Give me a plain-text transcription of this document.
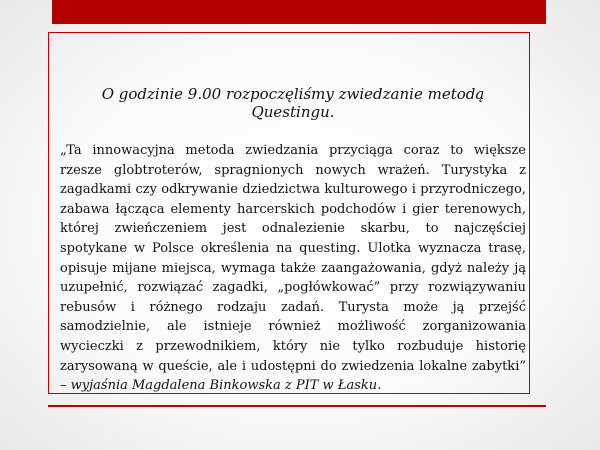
O godzinie 9.00 rozpoczęliśmy zwiedzanie metodą Questingu.
„Ta innowacyjna metoda zwiedzania przyciąga coraz to większe rzesze globtroterów, spragnionych nowych wrażeń. Turystyka z zagadkami czy odkrywanie dziedzictwa kulturowego i przyrodniczego, zabawa łącząca elementy harcerskich podchodów i gier terenowych, której zwieńczeniem jest odnalezienie skarbu, to najczęściej spotykane w Polsce określenia na questing. Ulotka wyznacza trasę, opisuje mijane miejsca, wymaga także zaangażowania, gdyż należy ją uzupełnić, rozwiązać zagadki, „pogłówkować” przy rozwiązywaniu rebusów i różnego rodzaju zadań. Turysta może ją przejść samodzielnie, ale istnieje również możliwość zorganizowania wycieczki z przewodnikiem, który nie tylko rozbuduje historię zarysowaną w queście, ale i udostępni do zwiedzenia lokalne zabytki” – wyjaśnia Magdalena Binkowska z PIT w Łasku.
